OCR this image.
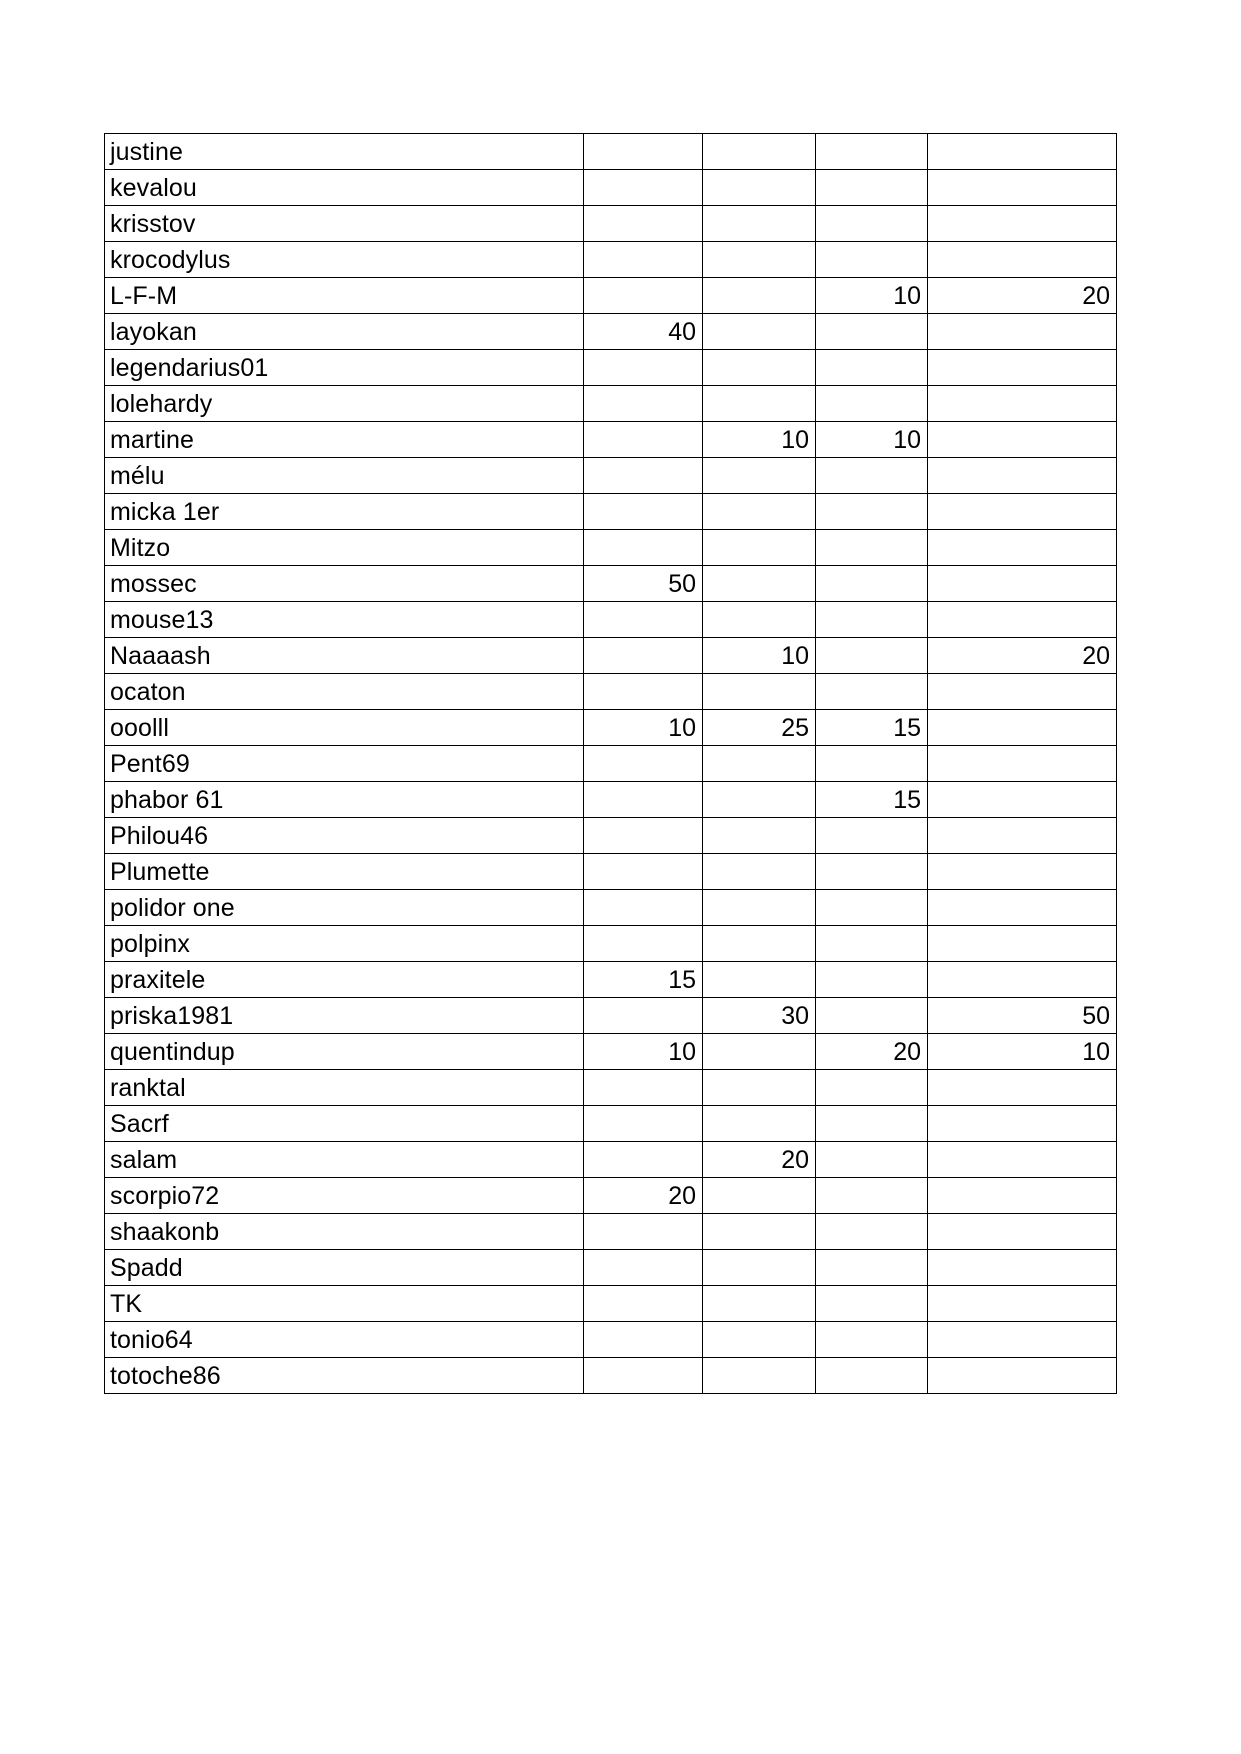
justine				
kevalou				
krisstov				
krocodylus				
L-F-M			10	20
layokan	40			
legendarius01				
lolehardy				
martine		10	10	
mélu				
micka 1er				
Mitzo				
mossec	50			
mouse13				
Naaaash		10		20
ocaton				
ooolll	10	25	15	
Pent69				
phabor 61			15	
Philou46				
Plumette				
polidor one				
polpinx				
praxitele	15			
priska1981		30		50
quentindup	10		20	10
ranktal				
Sacrf				
salam		20		
scorpio72	20			
shaakonb				
Spadd				
TK				
tonio64				
totoche86				
